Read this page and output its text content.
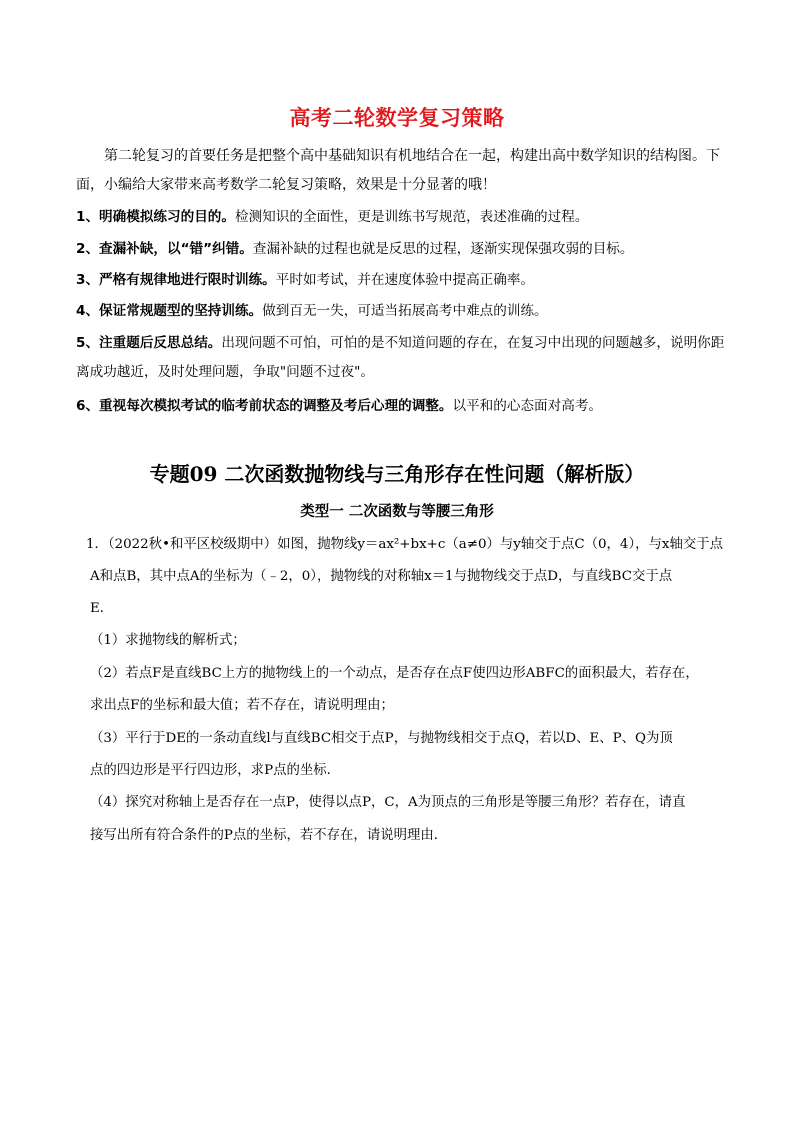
高考二轮数学复习策略
第二轮复习的首要任务是把整个高中基础知识有机地结合在一起，构建出高中数学知识的结构图。下面，小编给大家带来高考数学二轮复习策略，效果是十分显著的哦！
1、明确模拟练习的目的。检测知识的全面性，更是训练书写规范，表述准确的过程。
2、查漏补缺，以“错”纠错。查漏补缺的过程也就是反思的过程，逐渐实现保强攻弱的目标。
3、严格有规律地进行限时训练。平时如考试，并在速度体验中提高正确率。
4、保证常规题型的坚持训练。做到百无一失，可适当拓展高考中难点的训练。
5、注重题后反思总结。出现问题不可怕，可怕的是不知道问题的存在，在复习中出现的问题越多，说明你距离成功越近，及时处理问题，争取"问题不过夜"。
6、重视每次模拟考试的临考前状态的调整及考后心理的调整。以平和的心态面对高考。
专题09 二次函数抛物线与三角形存在性问题（解析版）
类型一 二次函数与等腰三角形
1．（2022秋•和平区校级期中）如图，抛物线y＝ax²+bx+c（a≠0）与y轴交于点C（0，4），与x轴交于点
A和点B，其中点A的坐标为（﹣2，0），抛物线的对称轴x＝1与抛物线交于点D，与直线BC交于点
E．
（1）求抛物线的解析式；
（2）若点F是直线BC上方的抛物线上的一个动点，是否存在点F使四边形ABFC的面积最大，若存在，
求出点F的坐标和最大值；若不存在，请说明理由；
（3）平行于DE的一条动直线l与直线BC相交于点P，与抛物线相交于点Q，若以D、E、P、Q为顶
点的四边形是平行四边形，求P点的坐标．
（4）探究对称轴上是否存在一点P，使得以点P，C，A为顶点的三角形是等腰三角形？若存在，请直
接写出所有符合条件的P点的坐标，若不存在，请说明理由．
